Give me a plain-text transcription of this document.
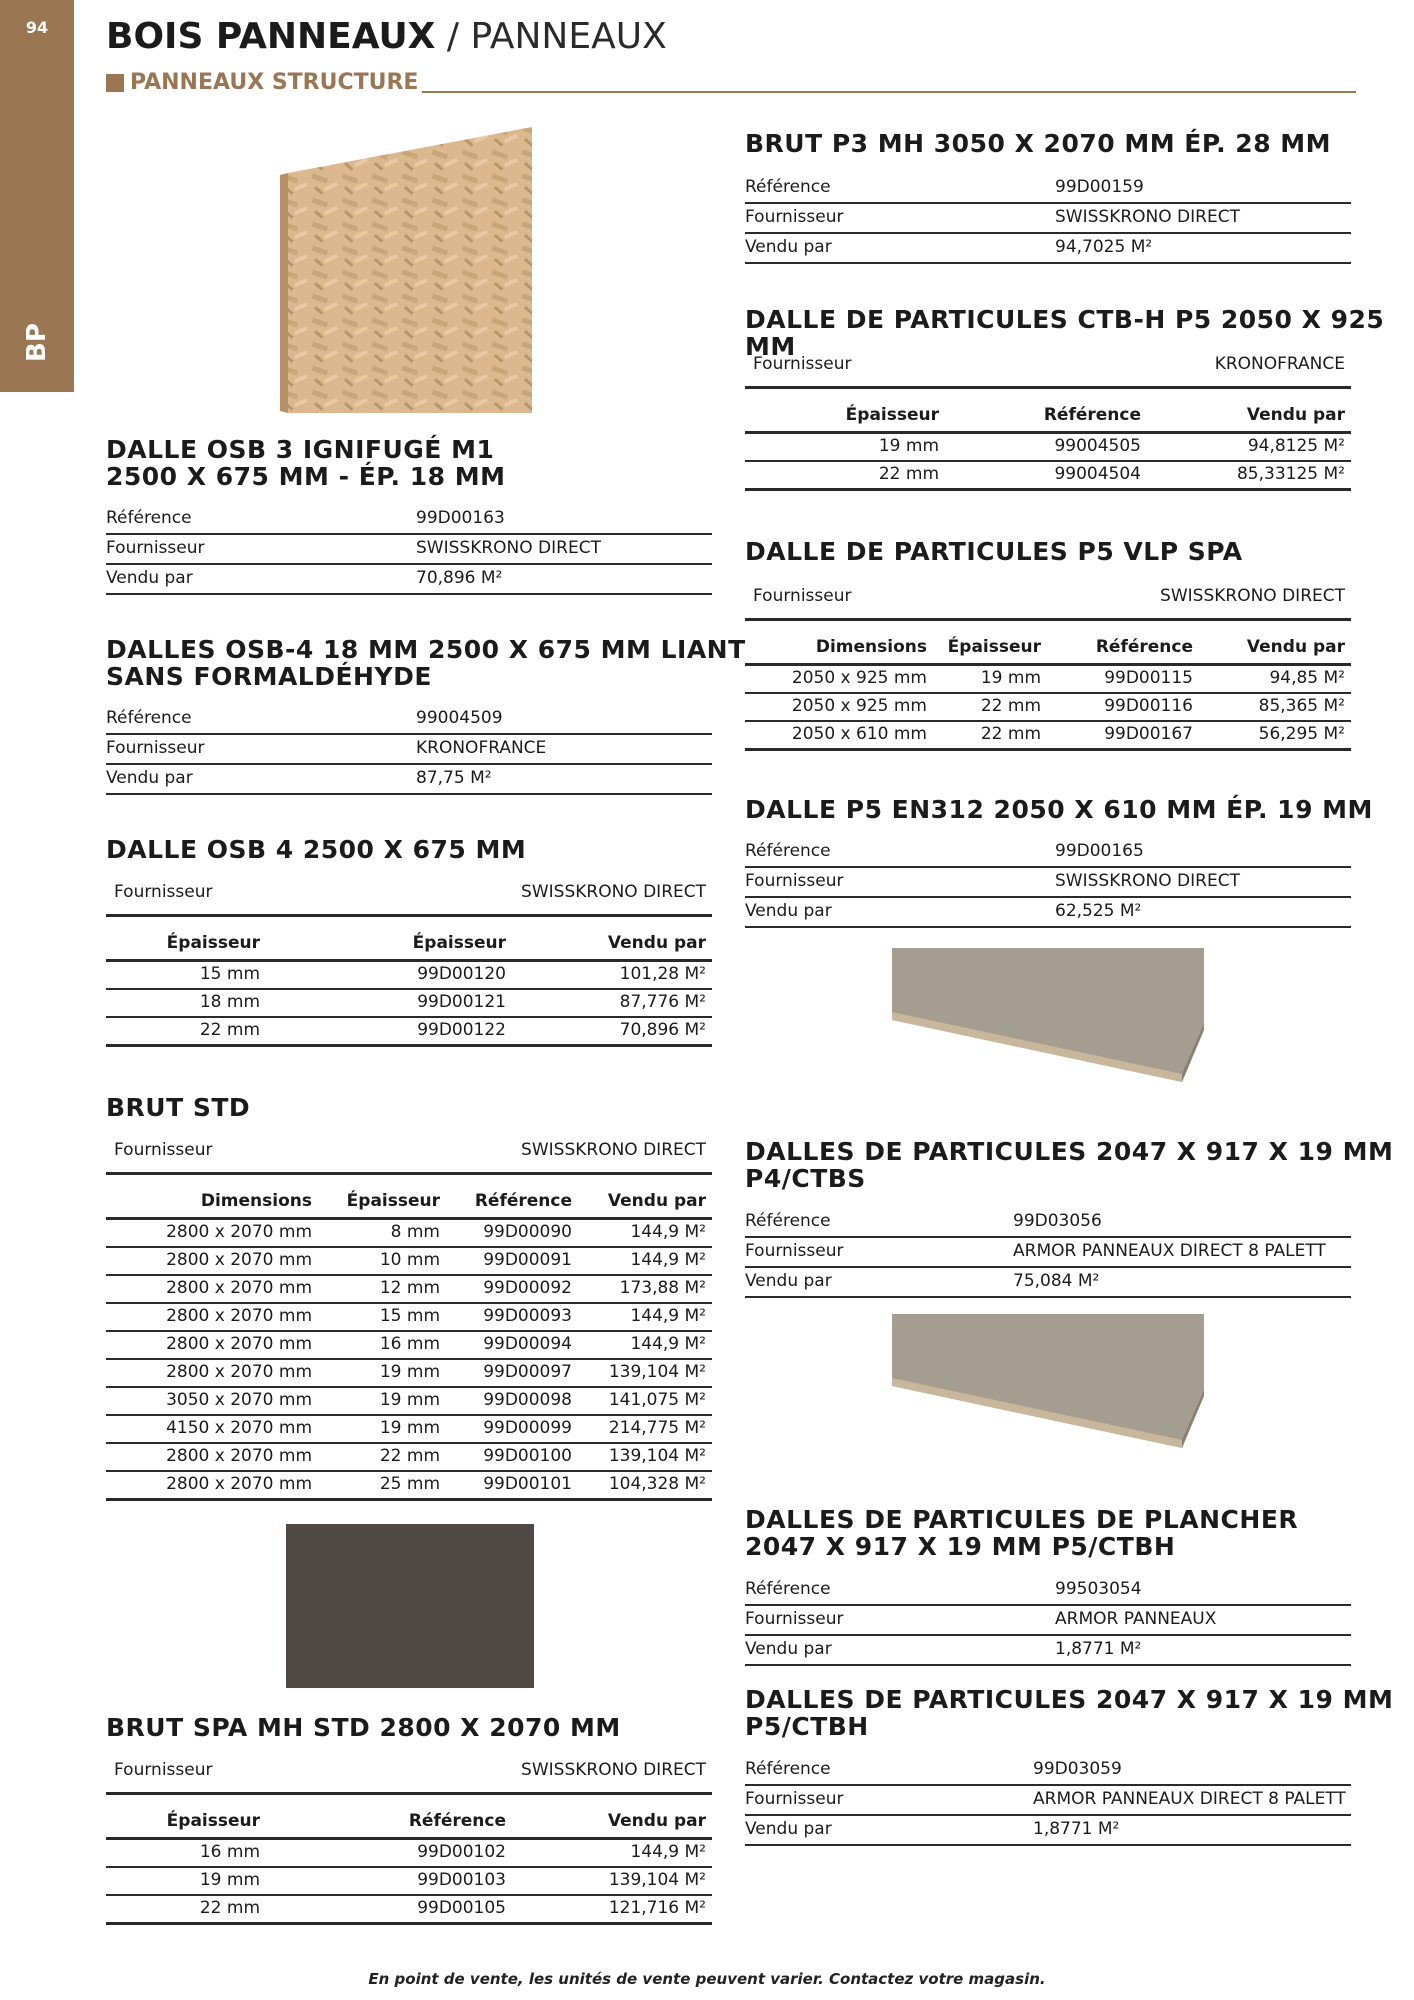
94
BP
BOIS PANNEAUX / PANNEAUX
PANNEAUX STRUCTURE
DALLE OSB 3 IGNIFUGÉ M1
2500 X 675 MM - ÉP. 18 MM
Référence	99D00163
Fournisseur	SWISSKRONO DIRECT
Vendu par	70,896 M²
DALLES OSB-4 18 MM 2500 X 675 MM LIANT
SANS FORMALDÉHYDE
Référence	99004509
Fournisseur	KRONOFRANCE
Vendu par	87,75 M²
DALLE OSB 4 2500 X 675 MM
Fournisseur	SWISSKRONO DIRECT
Épaisseur	Épaisseur	Vendu par
15 mm	99D00120	101,28 M²
18 mm	99D00121	87,776 M²
22 mm	99D00122	70,896 M²
BRUT STD
Fournisseur	SWISSKRONO DIRECT
Dimensions Épaisseur Référence Vendu par
2800 x 2070 mm	8 mm	99D00090	144,9 M²
2800 x 2070 mm	10 mm	99D00091	144,9 M²
2800 x 2070 mm	12 mm	99D00092	173,88 M²
2800 x 2070 mm	15 mm	99D00093	144,9 M²
2800 x 2070 mm	16 mm	99D00094	144,9 M²
2800 x 2070 mm	19 mm	99D00097 139,104 M²
3050 x 2070 mm	19 mm	99D00098 141,075 M²
4150 x 2070 mm	19 mm	99D00099 214,775 M²
2800 x 2070 mm	22 mm	99D00100 139,104 M²
2800 x 2070 mm	25 mm	99D00101 104,328 M²
BRUT SPA MH STD 2800 X 2070 MM
Fournisseur	SWISSKRONO DIRECT
Épaisseur	Référence	Vendu par
16 mm	99D00102	144,9 M²
19 mm	99D00103	139,104 M²
22 mm	99D00105	121,716 M²
BRUT P3 MH 3050 X 2070 MM ÉP. 28 MM
Référence	99D00159
Fournisseur	SWISSKRONO DIRECT
Vendu par	94,7025 M²
DALLE DE PARTICULES CTB-H P5 2050 X 925 MM
Fournisseur	KRONOFRANCE
Épaisseur	Référence	Vendu par
19 mm	99004505	94,8125 M²
22 mm	99004504	85,33125 M²
DALLE DE PARTICULES P5 VLP SPA
Fournisseur	SWISSKRONO DIRECT
Dimensions Épaisseur	Référence	Vendu par
2050 x 925 mm	19 mm	99D00115	94,85 M²
2050 x 925 mm	22 mm	99D00116	85,365 M²
2050 x 610 mm	22 mm	99D00167	56,295 M²
DALLE P5 EN312 2050 X 610 MM ÉP. 19 MM
Référence	99D00165
Fournisseur	SWISSKRONO DIRECT
Vendu par	62,525 M²
DALLES DE PARTICULES 2047 X 917 X 19 MM
P4/CTBS
Référence	99D03056
Fournisseur	ARMOR PANNEAUX DIRECT 8 PALETT
Vendu par	75,084 M²
DALLES DE PARTICULES DE PLANCHER
2047 X 917 X 19 MM P5/CTBH
Référence	99503054
Fournisseur	ARMOR PANNEAUX
Vendu par	1,8771 M²
DALLES DE PARTICULES 2047 X 917 X 19 MM
P5/CTBH
Référence	99D03059
Fournisseur	ARMOR PANNEAUX DIRECT 8 PALETT
Vendu par	1,8771 M²
En point de vente, les unités de vente peuvent varier. Contactez votre magasin.
